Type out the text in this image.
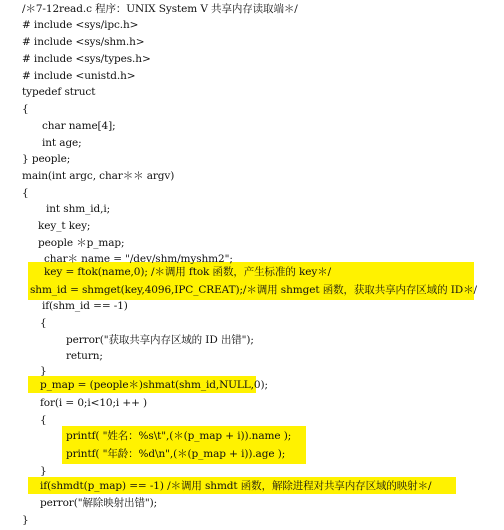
/＊7-12read.c 程序：UNIX System V 共享内存读取端＊/
# include <sys/ipc.h>
# include <sys/shm.h>
# include <sys/types.h>
# include <unistd.h>
typedef struct
{
char name[4];
int age;
} people;
main(int argc, char＊＊ argv)
{
int shm_id,i;
key_t key;
people ＊p_map;
char＊ name = "/dev/shm/myshm2";
key = ftok(name,0); /＊调用 ftok 函数，产生标准的 key＊/
shm_id = shmget(key,4096,IPC_CREAT);/＊调用 shmget 函数，获取共享内存区域的 ID＊/
if(shm_id == -1)
{
perror("获取共享内存区域的 ID 出错");
return;
}
p_map = (people＊)shmat(shm_id,NULL,0);
for(i = 0;i<10;i ++ )
{
printf( "姓名：%s\t",(＊(p_map + i)).name );
printf( "年龄：%d\n",(＊(p_map + i)).age );
}
if(shmdt(p_map) == -1) /＊调用 shmdt 函数，解除进程对共享内存区域的映射＊/
perror("解除映射出错");
}
